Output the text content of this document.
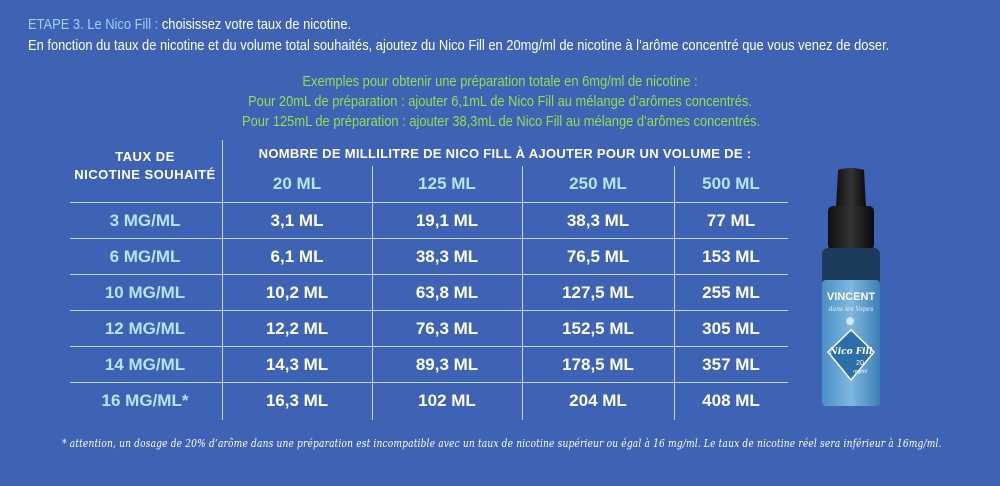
ETAPE 3. Le Nico Fill : choisissez votre taux de nicotine.
En fonction du taux de nicotine et du volume total souhaités, ajoutez du Nico Fill en 20mg/ml de nicotine à l’arôme concentré que vous venez de doser.
Exemples pour obtenir une préparation totale en 6mg/ml de nicotine :
Pour 20mL de préparation : ajouter 6,1mL de Nico Fill au mélange d’arômes concentrés.
Pour 125mL de préparation : ajouter 38,3mL de Nico Fill au mélange d’arômes concentrés.
TAUX DE
NICOTINE SOUHAITÉ
NOMBRE DE MILLILITRE DE NICO FILL À AJOUTER POUR UN VOLUME DE :
20 ML	125 ML	250 ML	500 ML
3 MG/ML	3,1 ML	19,1 ML	38,3 ML	77 ML
6 MG/ML	6,1 ML	38,3 ML	76,5 ML	153 ML
10 MG/ML	10,2 ML	63,8 ML	127,5 ML	255 ML
12 MG/ML	12,2 ML	76,3 ML	152,5 ML	305 ML
14 MG/ML	14,3 ML	89,3 ML	178,5 ML	357 ML
16 MG/ML*	16,3 ML	102 ML	204 ML	408 ML
VINCENT
dans les Vapes
Nico Fill
20
mg/ml
* attention, un dosage de 20% d’arôme dans une préparation est incompatible avec un taux de nicotine supérieur ou égal à 16 mg/ml. Le taux de nicotine réel sera inférieur à 16mg/ml.
